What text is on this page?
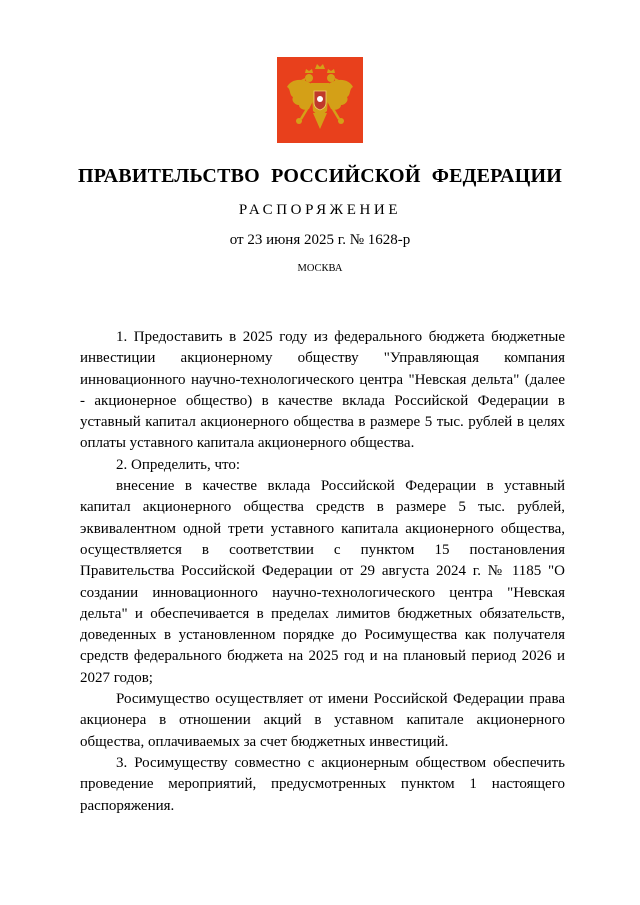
ПРАВИТЕЛЬСТВО РОССИЙСКОЙ ФЕДЕРАЦИИ
РАСПОРЯЖЕНИЕ
от 23 июня 2025 г. № 1628-р
МОСКВА

1. Предоставить в 2025 году из федерального бюджета бюджетные инвестиции акционерному обществу "Управляющая компания инновационного научно-технологического центра "Невская дельта" (далее - акционерное общество) в качестве вклада Российской Федерации в уставный капитал акционерного общества в размере 5 тыс. рублей в целях оплаты уставного капитала акционерного общества.

2. Определить, что:

внесение в качестве вклада Российской Федерации в уставный капитал акционерного общества средств в размере 5 тыс. рублей, эквивалентном одной трети уставного капитала акционерного общества, осуществляется в соответствии с пунктом 15 постановления Правительства Российской Федерации от 29 августа 2024 г. № 1185 "О создании инновационного научно-технологического центра "Невская дельта" и обеспечивается в пределах лимитов бюджетных обязательств, доведенных в установленном порядке до Росимущества как получателя средств федерального бюджета на 2025 год и на плановый период 2026 и 2027 годов;

Росимущество осуществляет от имени Российской Федерации права акционера в отношении акций в уставном капитале акционерного общества, оплачиваемых за счет бюджетных инвестиций.

3. Росимуществу совместно с акционерным обществом обеспечить проведение мероприятий, предусмотренных пунктом 1 настоящего распоряжения.
